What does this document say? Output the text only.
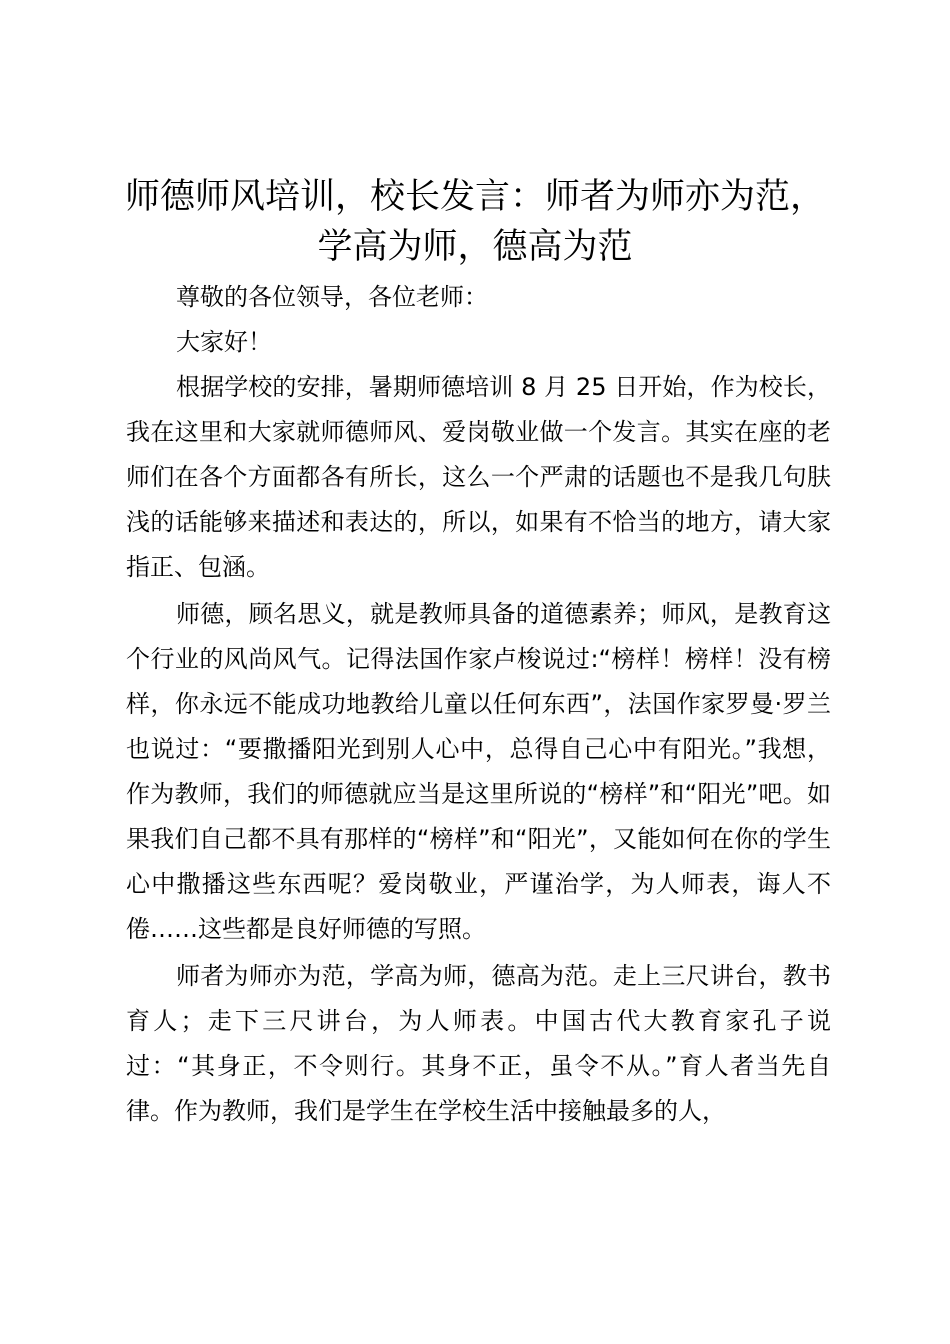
师德师风培训，校长发言：师者为师亦为范，
学高为师，德高为范

尊敬的各位领导，各位老师：

大家好！

根据学校的安排，暑期师德培训 8 月 25 日开始，作为校长，我在这里和大家就师德师风、爱岗敬业做一个发言。其实在座的老师们在各个方面都各有所长，这么一个严肃的话题也不是我几句肤浅的话能够来描述和表达的，所以，如果有不恰当的地方，请大家指正、包涵。

师德，顾名思义，就是教师具备的道德素养；师风，是教育这个行业的风尚风气。记得法国作家卢梭说过:“榜样！榜样！没有榜样，你永远不能成功地教给儿童以任何东西”，法国作家罗曼·罗兰也说过：“要撒播阳光到别人心中，总得自己心中有阳光。”我想，作为教师，我们的师德就应当是这里所说的“榜样”和“阳光”吧。如果我们自己都不具有那样的“榜样”和“阳光”，又能如何在你的学生心中撒播这些东西呢？爱岗敬业，严谨治学，为人师表，诲人不倦……这些都是良好师德的写照。

师者为师亦为范，学高为师，德高为范。走上三尺讲台，教书育人；走下三尺讲台，为人师表。中国古代大教育家孔子说过：“其身正，不令则行。其身不正，虽令不从。”育人者当先自律。作为教师，我们是学生在学校生活中接触最多的人，
